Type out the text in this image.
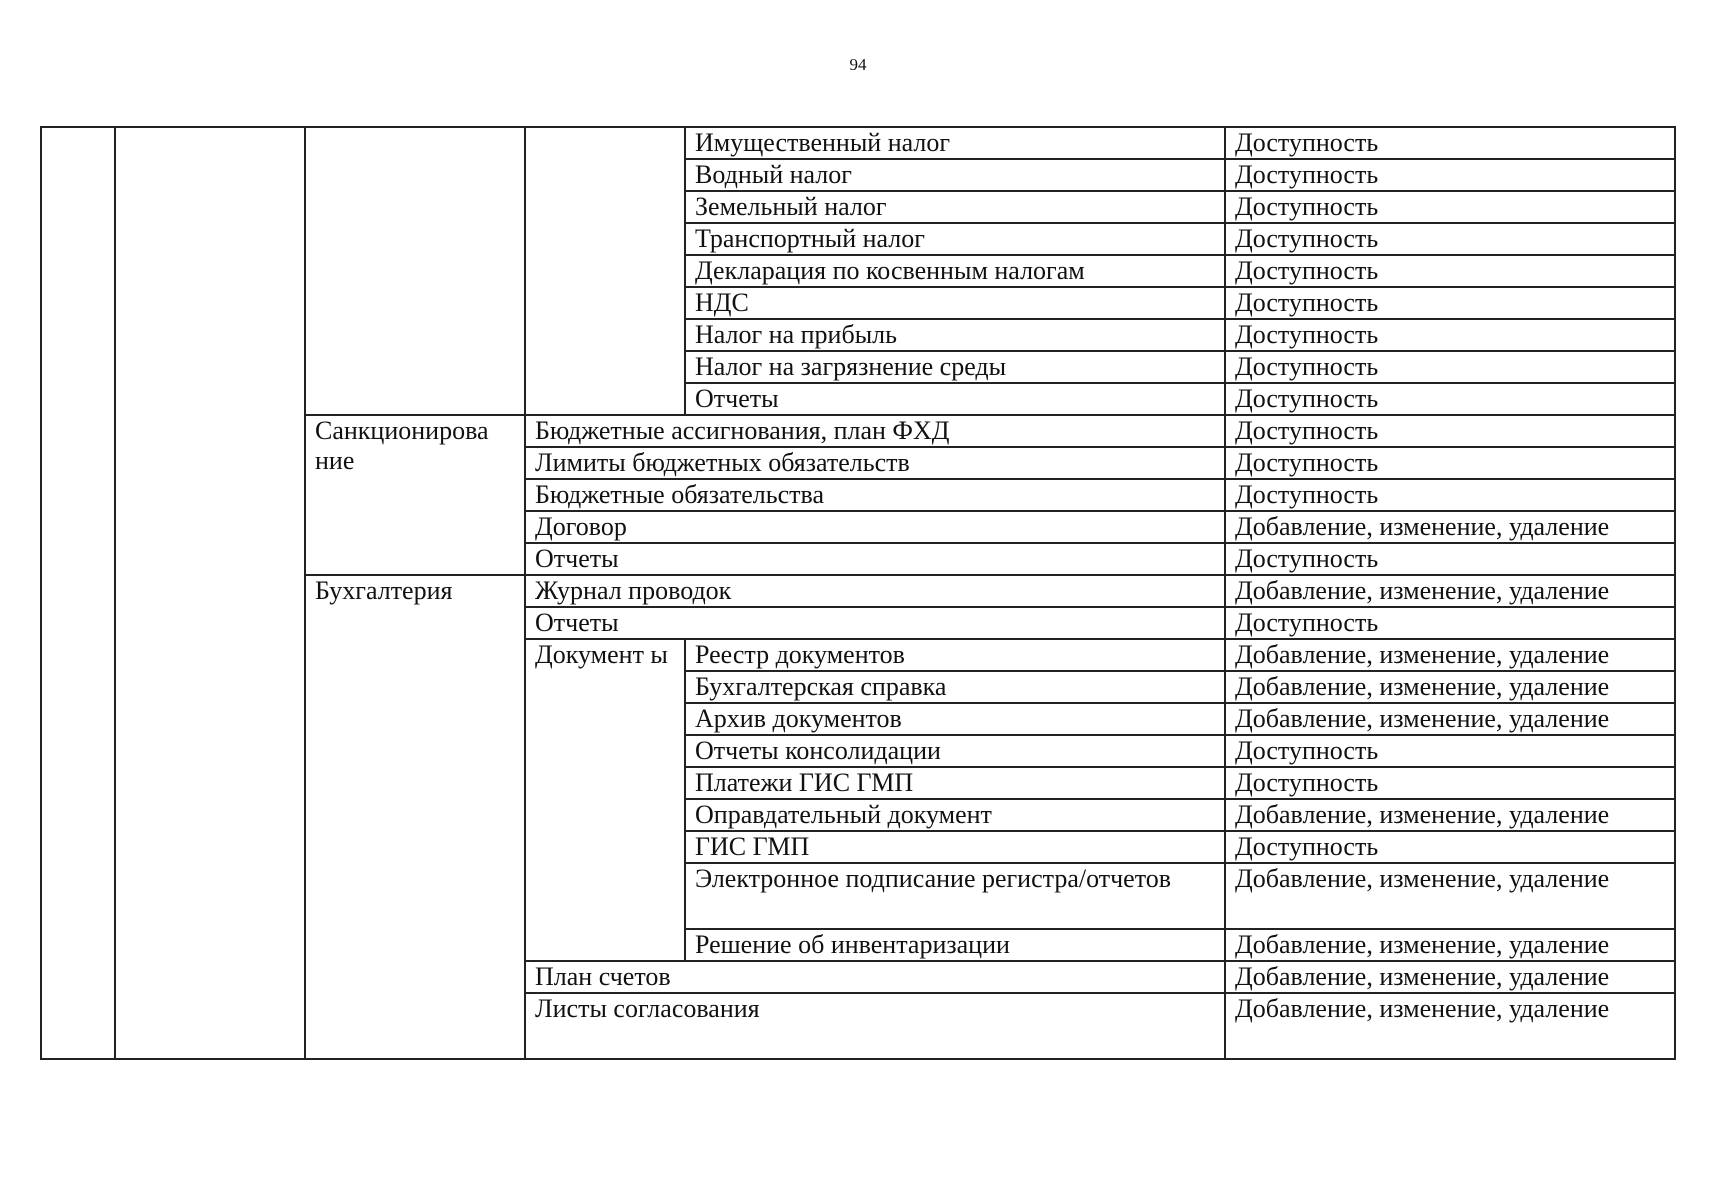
94
				Имущественный налог	Доступность
				Водный налог	Доступность
				Земельный налог	Доступность
				Транспортный налог	Доступность
				Декларация по косвенным налогам	Доступность
				НДС	Доступность
				Налог на прибыль	Доступность
				Налог на загрязнение среды	Доступность
				Отчеты	Доступность
		Санкционирова ние	Бюджетные ассигнования, план ФХД		Доступность
			Лимиты бюджетных обязательств		Доступность
			Бюджетные обязательства		Доступность
			Договор		Добавление, изменение, удаление
			Отчеты		Доступность
		Бухгалтерия	Журнал проводок		Добавление, изменение, удаление
			Отчеты		Доступность
			Документ ы	Реестр документов	Добавление, изменение, удаление
				Бухгалтерская справка	Добавление, изменение, удаление
				Архив документов	Добавление, изменение, удаление
				Отчеты консолидации	Доступность
				Платежи ГИС ГМП	Доступность
				Оправдательный документ	Добавление, изменение, удаление
				ГИС ГМП	Доступность
				Электронное подписание регистра/отчетов	Добавление, изменение, удаление
				Решение об инвентаризации	Добавление, изменение, удаление
			План счетов		Добавление, изменение, удаление
			Листы согласования		Добавление, изменение, удаление
